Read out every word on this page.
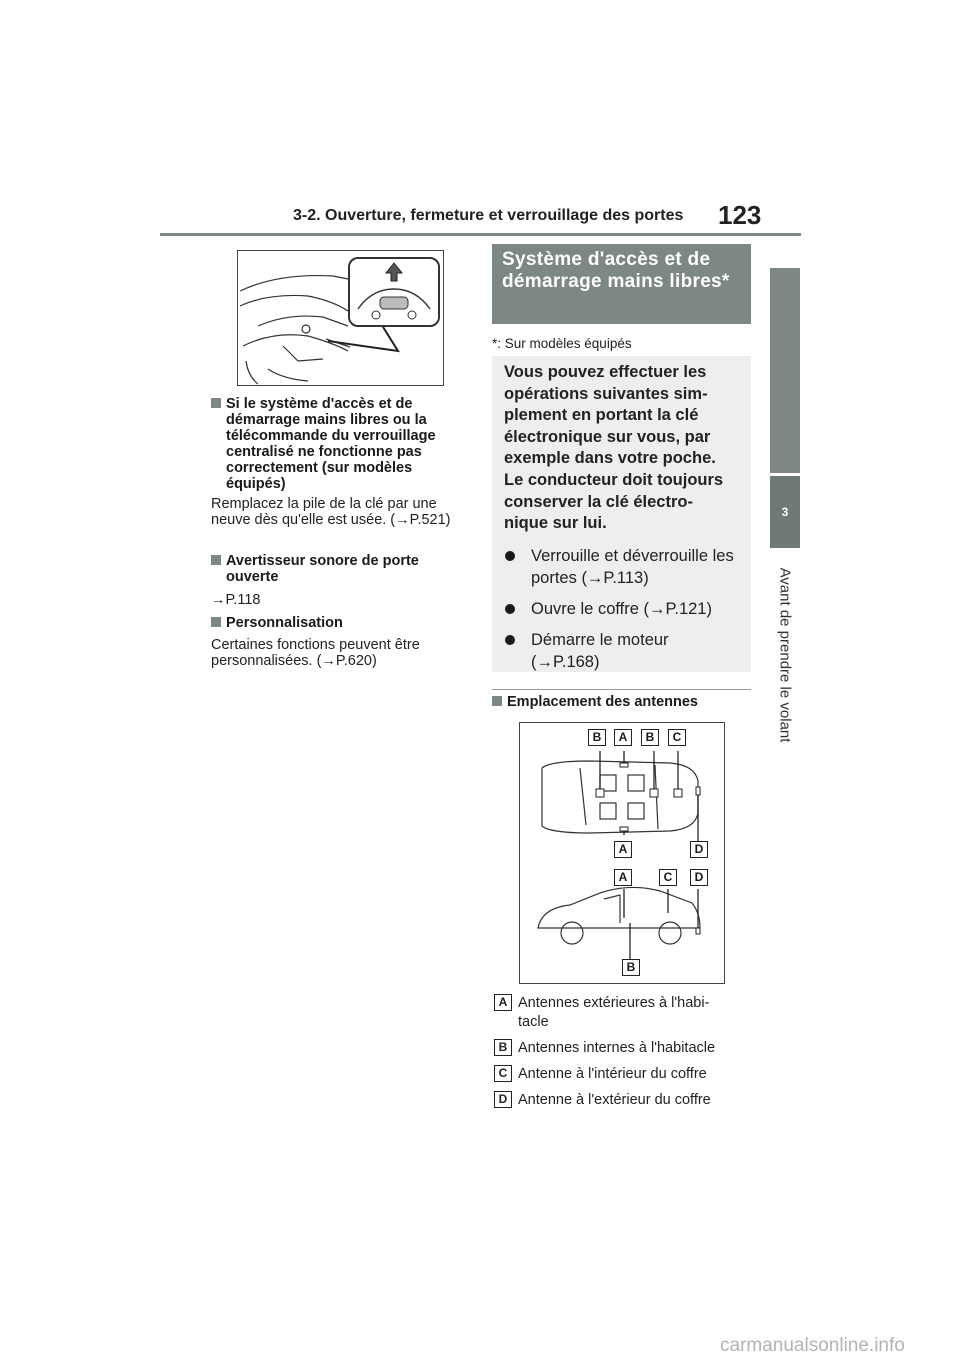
3-2. Ouverture, fermeture et verrouillage des portes 123
3
Avant de prendre le volant
Si le système d'accès et de démarrage mains libres ou la télécommande du verrouillage centralisé ne fonctionne pas correctement (sur modèles équipés)
Remplacez la pile de la clé par une neuve dès qu'elle est usée. (→P.521)
Avertisseur sonore de porte ouverte
→P.118
Personnalisation
Certaines fonctions peuvent être personnalisées. (→P.620)
Système d'accès et de démarrage mains libres*
*: Sur modèles équipés
Vous pouvez effectuer les opérations suivantes sim- plement en portant la clé électronique sur vous, par exemple dans votre poche. Le conducteur doit toujours conserver la clé électro- nique sur lui.
Verrouille et déverrouille les portes (→P.113)
Ouvre le coffre (→P.121)
Démarre le moteur (→P.168)
Emplacement des antennes
B	A	B	C
A	D
A	C	D
B
A Antennes extérieures à l'habi- tacle
B Antennes internes à l'habitacle
C Antenne à l'intérieur du coffre
D Antenne à l'extérieur du coffre
carmanualsonline.info
